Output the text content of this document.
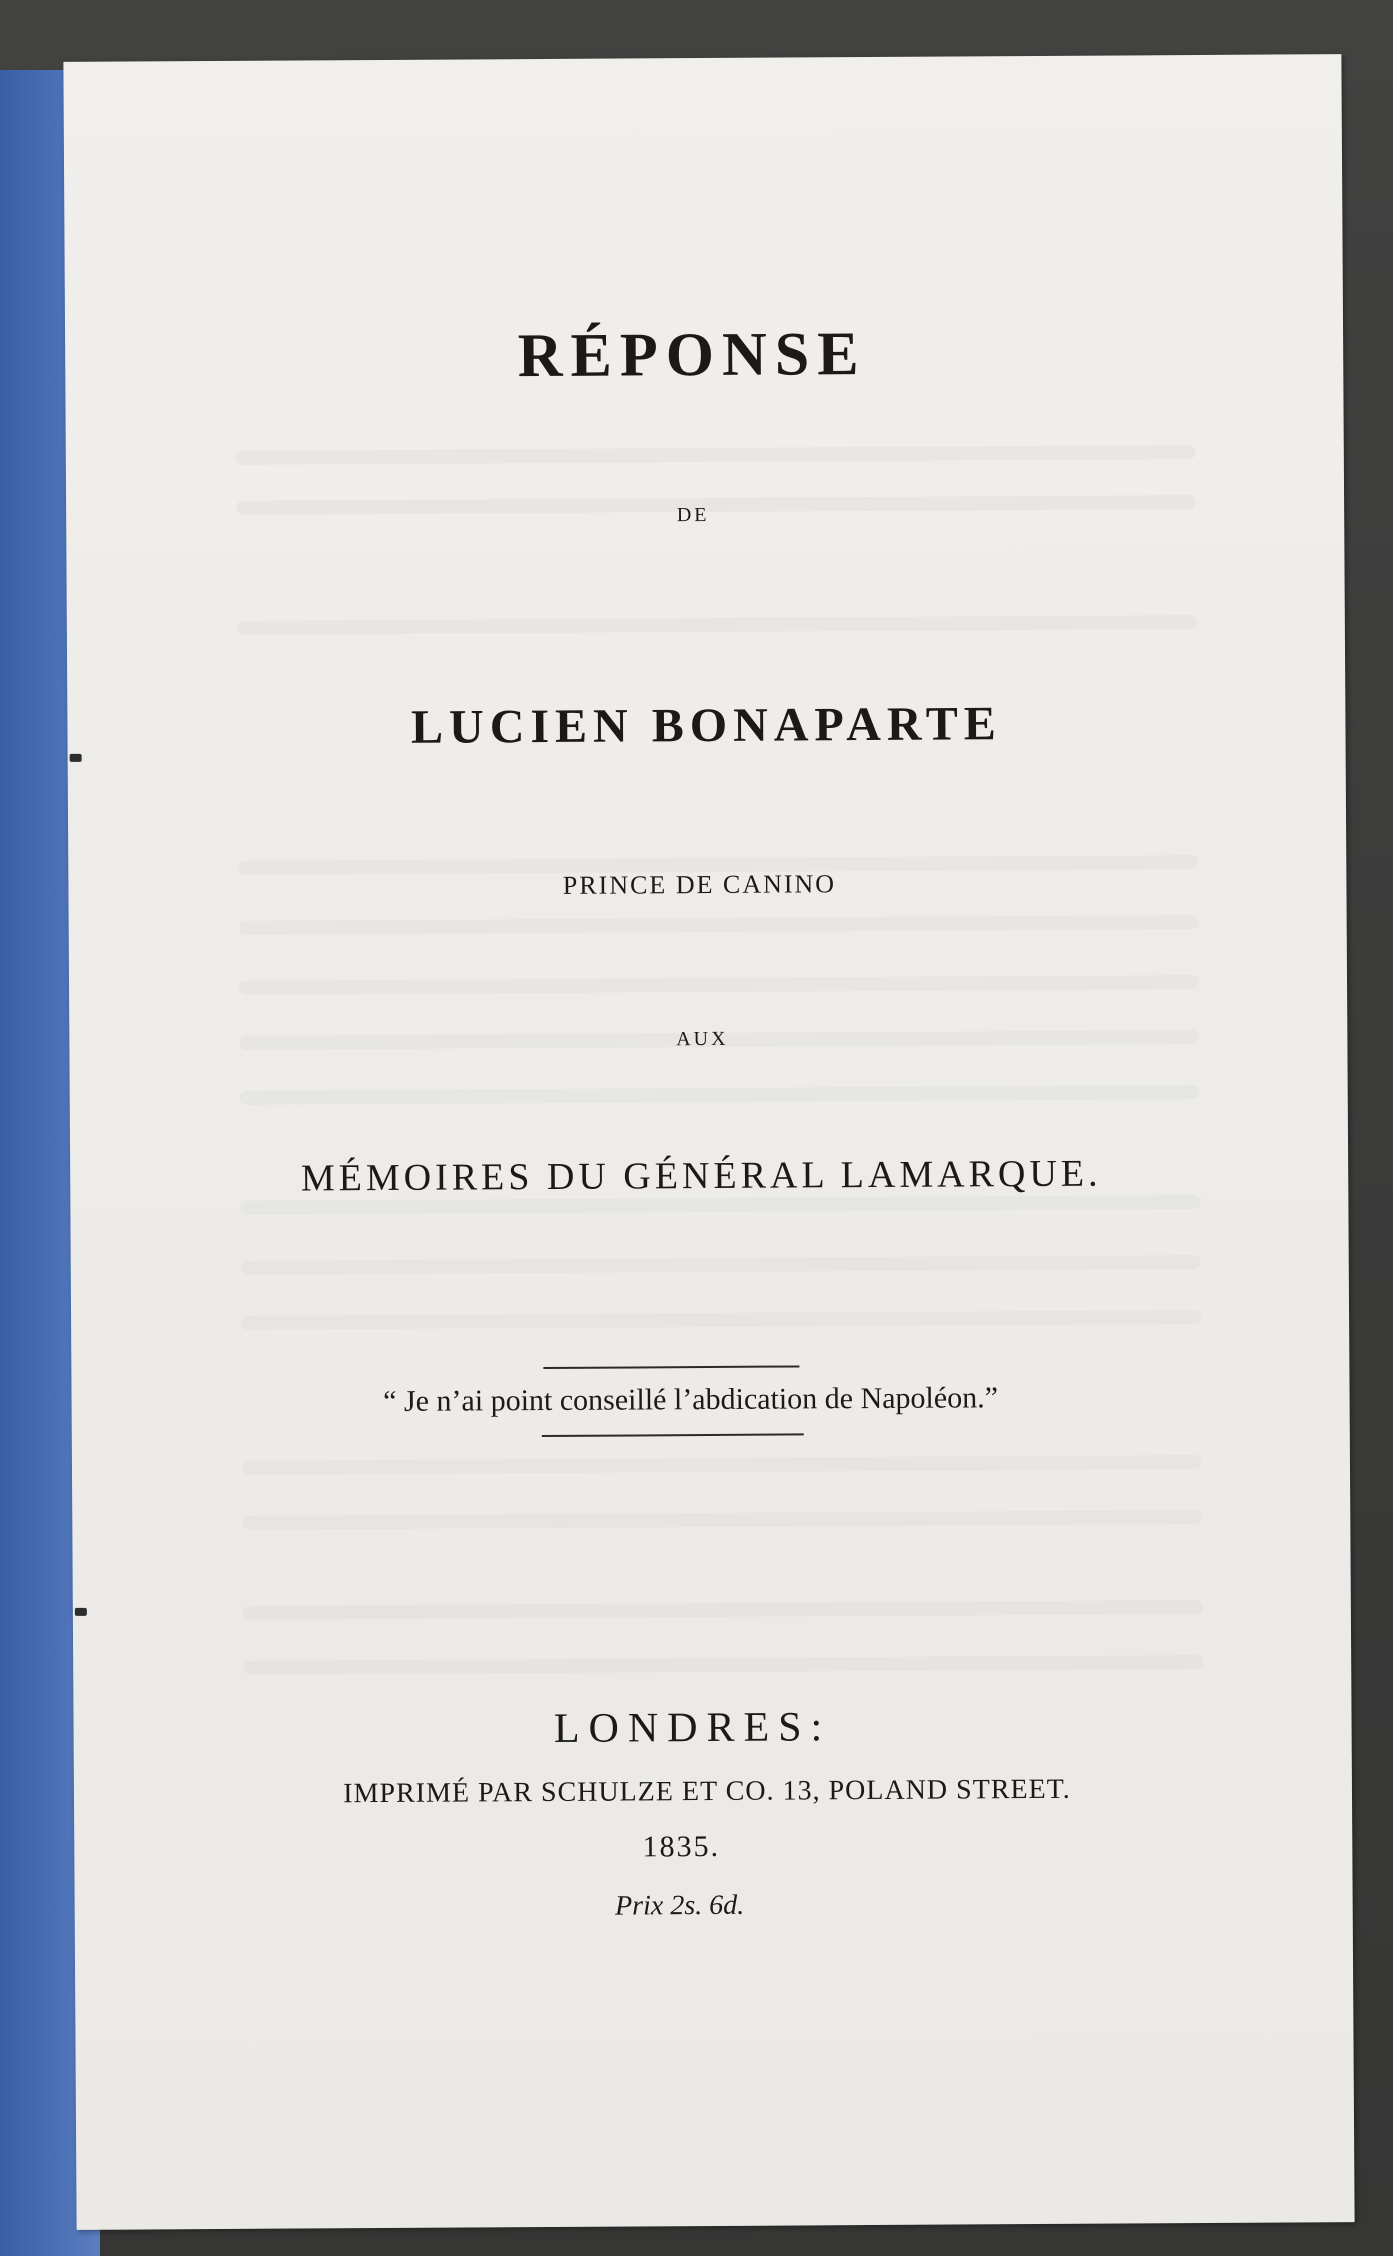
RÉPONSE
DE
LUCIEN BONAPARTE
PRINCE DE CANINO
AUX
MÉMOIRES DU GÉNÉRAL LAMARQUE.
“ Je n’ai point conseillé l’abdication de Napoléon.”
LONDRES:
IMPRIMÉ PAR SCHULZE ET CO. 13, POLAND STREET.
1835.
Prix 2s. 6d.
